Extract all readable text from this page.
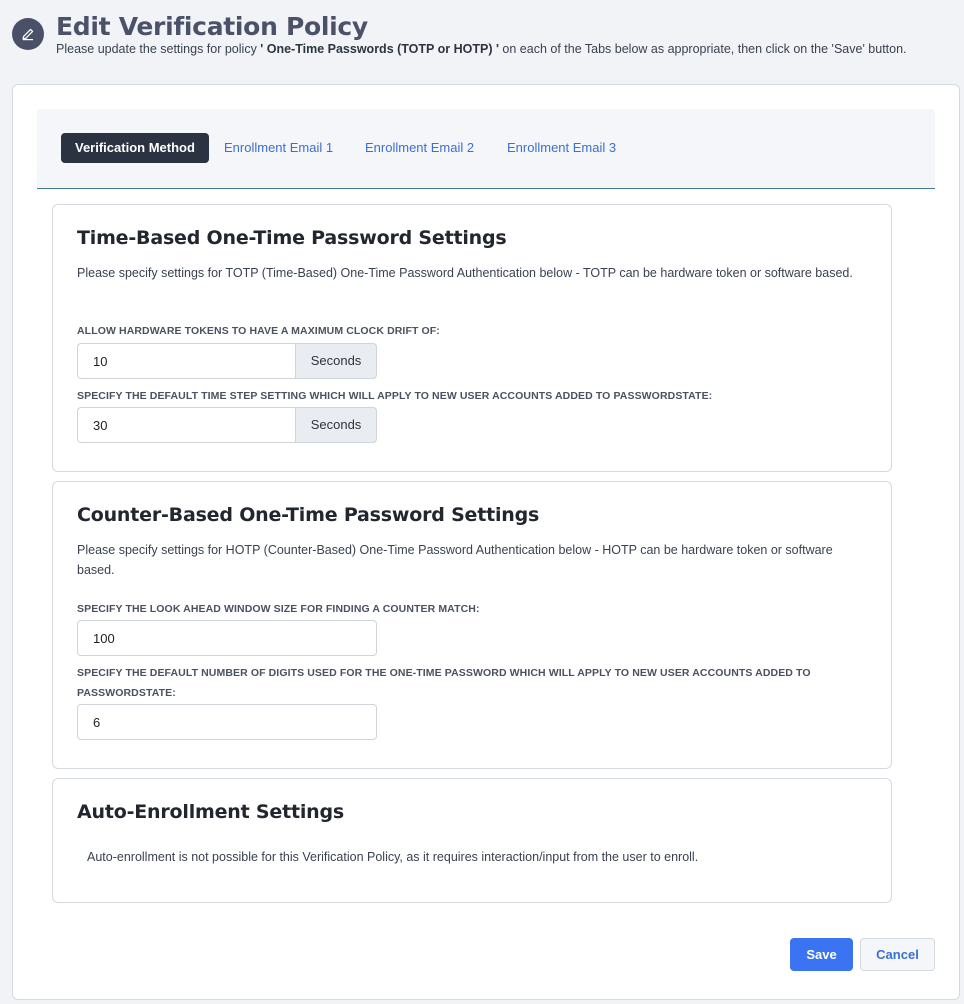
Edit Verification Policy
Please update the settings for policy ' One-Time Passwords (TOTP or HOTP) ' on each of the Tabs below as appropriate, then click on the 'Save' button.
Verification Method	Enrollment Email 1	Enrollment Email 2	Enrollment Email 3
Time-Based One-Time Password Settings
Please specify settings for TOTP (Time-Based) One-Time Password Authentication below - TOTP can be hardware token or software based.
ALLOW HARDWARE TOKENS TO HAVE A MAXIMUM CLOCK DRIFT OF:
10
Seconds
SPECIFY THE DEFAULT TIME STEP SETTING WHICH WILL APPLY TO NEW USER ACCOUNTS ADDED TO PASSWORDSTATE:
30
Seconds
Counter-Based One-Time Password Settings
Please specify settings for HOTP (Counter-Based) One-Time Password Authentication below - HOTP can be hardware token or software based.
SPECIFY THE LOOK AHEAD WINDOW SIZE FOR FINDING A COUNTER MATCH:
100
SPECIFY THE DEFAULT NUMBER OF DIGITS USED FOR THE ONE-TIME PASSWORD WHICH WILL APPLY TO NEW USER ACCOUNTS ADDED TO PASSWORDSTATE:
6
Auto-Enrollment Settings
Auto-enrollment is not possible for this Verification Policy, as it requires interaction/input from the user to enroll.
Save	Cancel
